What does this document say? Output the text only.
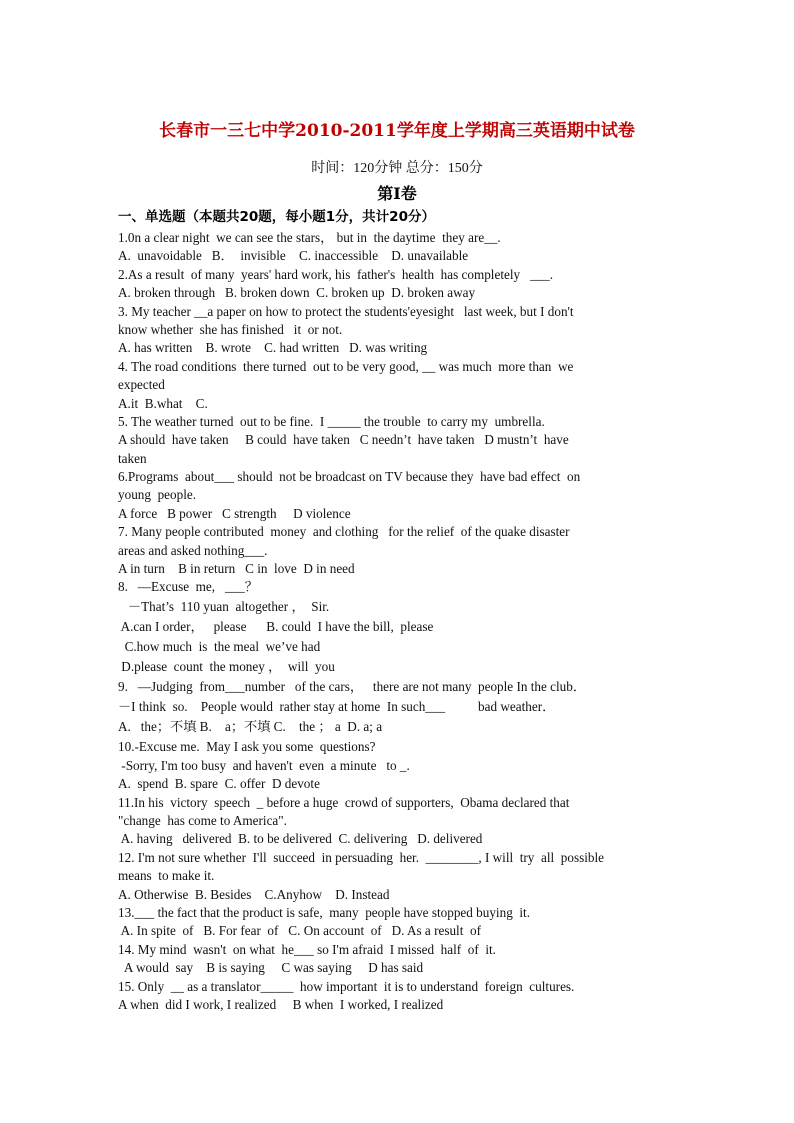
长春市一三七中学2010-2011学年度上学期高三英语期中试卷
时间：120分钟 总分：150分
第Ⅰ卷
一、单选题（本题共20题，每小题1分，共计20分）
1.0n a clear night  we can see the stars， but in  the daytime  they are__.
A.  unavoidable   B．  invisible    C. inaccessible    D. unavailable
2.As a result  of many  years' hard work, his  father's  health  has completely   ___.
A. broken through   B. broken down  C. broken up  D. broken away
3. My teacher __a paper on how to protect the students'eyesight   last week, but I don't
know whether  she has finished   it  or not.
A. has written    B. wrote    C. had written   D. was writing
4. The road conditions  there turned  out to be very good, __ was much  more than  we
expected
A.it  B.what    C.
5. The weather turned  out to be fine.  I _____ the trouble  to carry my  umbrella.
A should  have taken     B could  have taken   C needn’t  have taken   D mustn’t  have
taken
6.Programs  about___ should  not be broadcast on TV because they  have bad effect  on
young  people.
A force   B power   C strength     D violence
7. Many people contributed  money  and clothing   for the relief  of the quake disaster
areas and asked nothing___.
A in turn    B in return   C in  love  D in need
8.   —Excuse  me,   ___？
－That’s  110 yuan  altogether ，  Sir.
A.can I order，   please      B. could  I have the bill,  please
C.how much  is  the meal  we’ve had
D.please  count  the money ，  will  you
9.   —Judging  from___number   of the cars，   there are not many  people In the club．
－I think  so.    People would  rather stay at home  In such___          bad weather．
A.   the；不填 B.    a；不填 C.    the ； a  D. a; a
10.-Excuse me.  May I ask you some  questions?
-Sorry, I'm too busy  and haven't  even  a minute   to _.
A.  spend  B. spare  C. offer  D devote
11.In his  victory  speech  _ before a huge  crowd of supporters,  Obama declared that
"change  has come to America".
A. having   delivered  B. to be delivered  C. delivering   D. delivered
12. I'm not sure whether  I'll  succeed  in persuading  her.  ________, I will  try  all  possible
means  to make it.
A. Otherwise  B. Besides    C.Anyhow    D. Instead
13.___ the fact that the product is safe,  many  people have stopped buying  it.
A. In spite  of   B. For fear  of   C. On account  of   D. As a result  of
14. My mind  wasn't  on what  he___ so I'm afraid  I missed  half  of  it.
A would  say    B is saying     C was saying     D has said
15. Only  __ as a translator_____  how important  it is to understand  foreign  cultures.
A when  did I work, I realized     B when  I worked, I realized
